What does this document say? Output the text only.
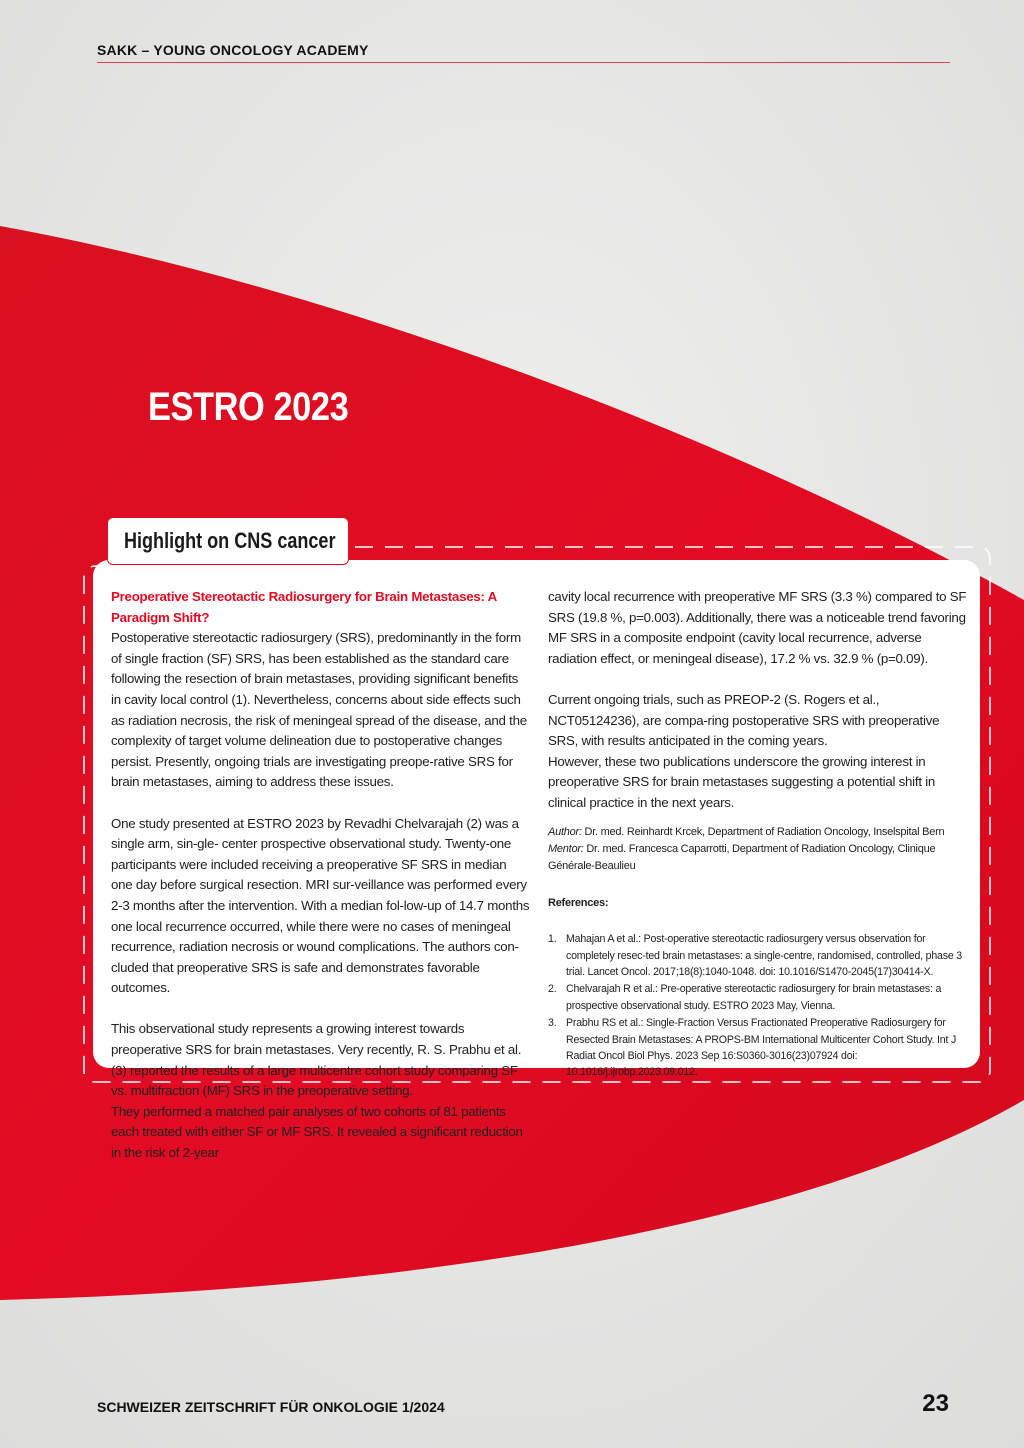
SAKK – YOUNG ONCOLOGY ACADEMY
ESTRO 2023
Highlight on CNS cancer

Preoperative Stereotactic Radiosurgery for Brain Metastases: A Paradigm Shift?
Postoperative stereotactic radiosurgery (SRS), predominantly in the form of single fraction (SF) SRS, has been established as the standard care following the resection of brain metastases, providing significant benefits in cavity local control (1). Nevertheless, concerns about side effects such as radiation necrosis, the risk of meningeal spread of the disease, and the complexity of target volume delineation due to postoperative changes persist. Presently, ongoing trials are investigating preope-rative SRS for brain metastases, aiming to address these issues.

One study presented at ESTRO 2023 by Revadhi Chelvarajah (2) was a single arm, sin-gle- center prospective observational study. Twenty-one participants were included receiving a preoperative SF SRS in median one day before surgical resection. MRI sur-veillance was performed every 2-3 months after the intervention. With a median fol-low-up of 14.7 months one local recurrence occurred, while there were no cases of meningeal recurrence, radiation necrosis or wound complications. The authors con-cluded that preoperative SRS is safe and demonstrates favorable outcomes.

This observational study represents a growing interest towards preoperative SRS for brain metastases. Very recently, R. S. Prabhu et al. (3) reported the results of a large multicentre cohort study comparing SF vs. multifraction (MF) SRS in the preoperative setting.

They performed a matched pair analyses of two cohorts of 81 patients each treated with either SF or MF SRS. It revealed a significant reduction in the risk of 2-year

cavity local recurrence with preoperative MF SRS (3.3 %) compared to SF SRS (19.8 %, p=0.003). Additionally, there was a noticeable trend favoring MF SRS in a composite endpoint (cavity local recurrence, adverse radiation effect, or meningeal disease), 17.2 % vs. 32.9 % (p=0.09).

Current ongoing trials, such as PREOP-2 (S. Rogers et al., NCT05124236), are compa-ring postoperative SRS with preoperative SRS, with results anticipated in the coming years.

However, these two publications underscore the growing interest in preoperative SRS for brain metastases suggesting a potential shift in clinical practice in the next years.

Author: Dr. med. Reinhardt Krcek, Department of Radiation Oncology, Inselspital Bern
Mentor: Dr. med. Francesca Caparrotti, Department of Radiation Oncology, Clinique Générale-Beaulieu

References:

1. Mahajan A et al.: Post-operative stereotactic radiosurgery versus observation for completely resec-ted brain metastases: a single-centre, randomised, controlled, phase 3 trial. Lancet Oncol. 2017;18(8):1040-1048. doi: 10.1016/S1470-2045(17)30414-X.
2. Chelvarajah R et al.: Pre-operative stereotactic radiosurgery for brain metastases: a prospective observational study. ESTRO 2023 May, Vienna.
3. Prabhu RS et al.: Single-Fraction Versus Fractionated Preoperative Radiosurgery for Resected Brain Metastases: A PROPS-BM International Multicenter Cohort Study. Int J Radiat Oncol Biol Phys. 2023 Sep 16:S0360-3016(23)07924 doi: 10.1016/j.ijrobp.2023.09.012.
SCHWEIZER ZEITSCHRIFT FÜR ONKOLOGIE 1/2024	23
